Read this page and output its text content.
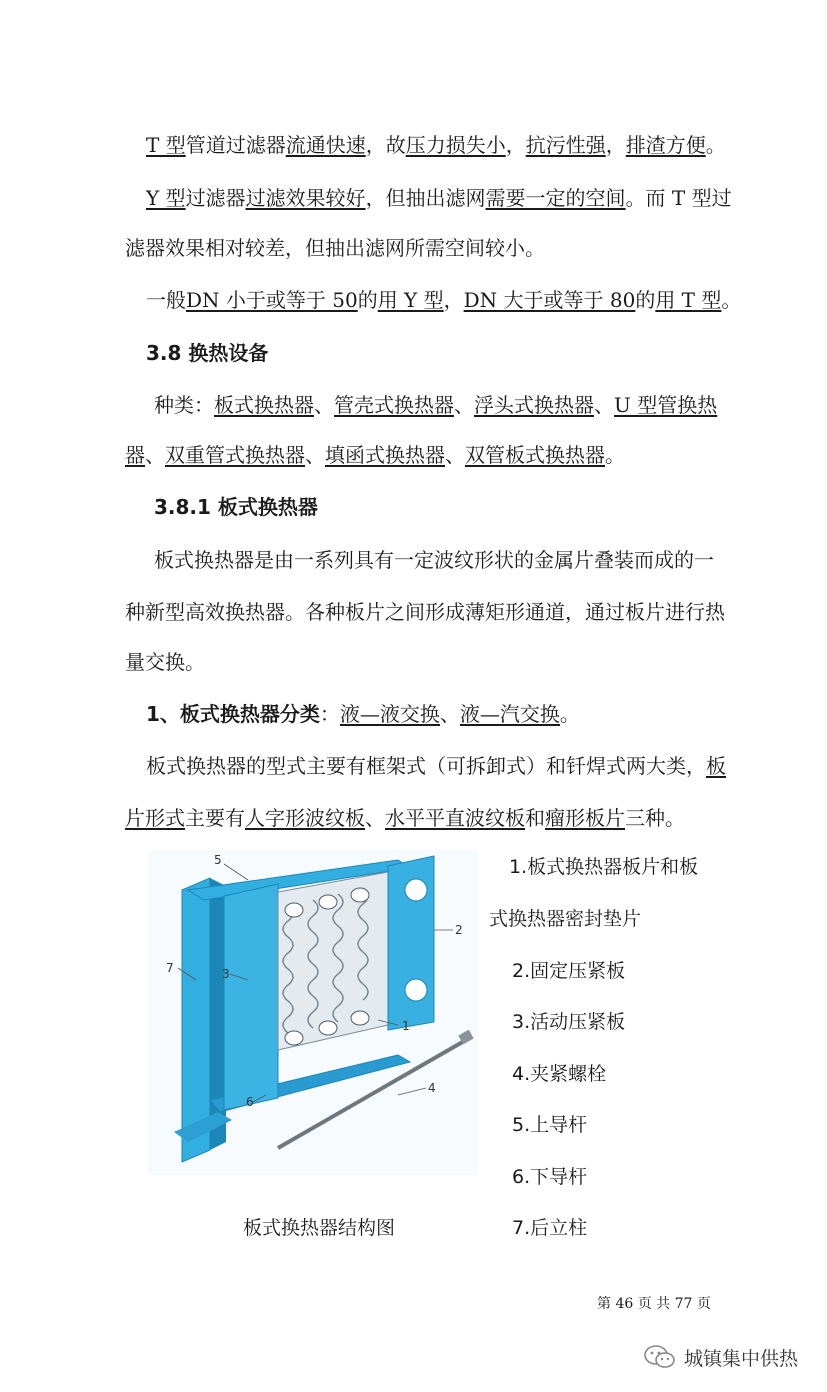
T 型管道过滤器流通快速，故压力损失小，抗污性强，排渣方便。
Y 型过滤器过滤效果较好，但抽出滤网需要一定的空间。而 T 型过
滤器效果相对较差，但抽出滤网所需空间较小。
一般DN 小于或等于 50的用 Y 型，DN 大于或等于 80的用 T 型。
3.8 换热设备
种类：板式换热器、管壳式换热器、浮头式换热器、U 型管换热
器、双重管式换热器、填函式换热器、双管板式换热器。
3.8.1 板式换热器
板式换热器是由一系列具有一定波纹形状的金属片叠装而成的一
种新型高效换热器。各种板片之间形成薄矩形通道，通过板片进行热
量交换。
1、板式换热器分类：液—液交换、液—汽交换。
板式换热器的型式主要有框架式（可拆卸式）和钎焊式两大类，板
片形式主要有人字形波纹板、水平平直波纹板和瘤形板片三种。
5
2
7	3
1
4
6
1.板式换热器板片和板
式换热器密封垫片
2.固定压紧板
3.活动压紧板
4.夹紧螺栓
5.上导杆
6.下导杆
7.后立柱
板式换热器结构图
第 46 页 共 77 页
城镇集中供热
